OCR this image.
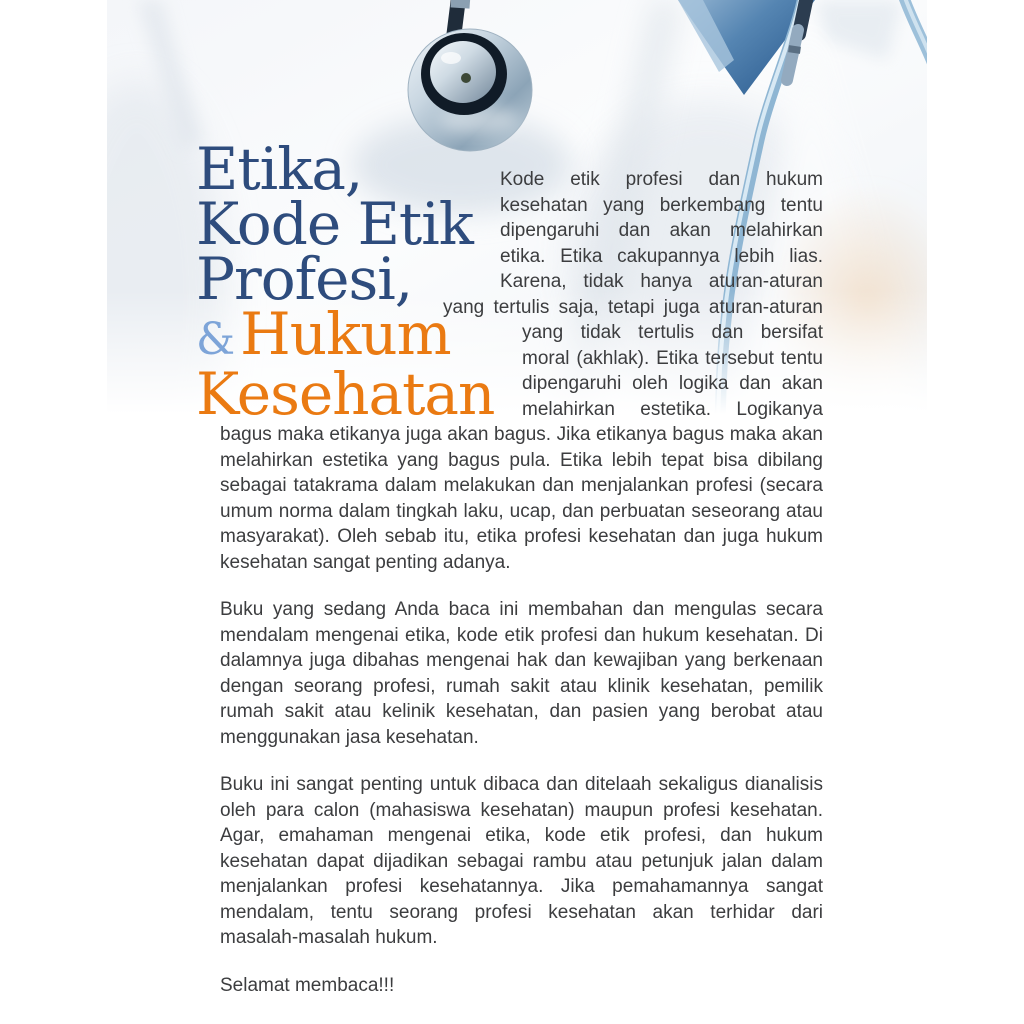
Etika,
Kode Etik
Profesi,
& Hukum
Kesehatan

Kode etik profesi dan hukum kesehatan yang berkembang tentu dipengaruhi dan akan melahirkan etika. Etika cakupannya lebih lias. Karena, tidak hanya aturan-aturan yang tertulis saja, tetapi juga aturan-aturan yang tidak tertulis dan bersifat moral (akhlak). Etika tersebut tentu dipengaruhi oleh logika dan akan melahirkan estetika. Logikanya bagus maka etikanya juga akan bagus. Jika etikanya bagus maka akan melahirkan estetika yang bagus pula. Etika lebih tepat bisa dibilang sebagai tatakrama dalam melakukan dan menjalankan profesi (secara umum norma dalam tingkah laku, ucap, dan perbuatan seseorang atau masyarakat). Oleh sebab itu, etika profesi kesehatan dan juga hukum kesehatan sangat penting adanya.

Buku yang sedang Anda baca ini membahan dan mengulas secara mendalam mengenai etika, kode etik profesi dan hukum kesehatan. Di dalamnya juga dibahas mengenai hak dan kewajiban yang berkenaan dengan seorang profesi, rumah sakit atau klinik kesehatan, pemilik rumah sakit atau kelinik kesehatan, dan pasien yang berobat atau menggunakan jasa kesehatan.

Buku ini sangat penting untuk dibaca dan ditelaah sekaligus dianalisis oleh para calon (mahasiswa kesehatan) maupun profesi kesehatan. Agar, emahaman mengenai etika, kode etik profesi, dan hukum kesehatan dapat dijadikan sebagai rambu atau petunjuk jalan dalam menjalankan profesi kesehatannya. Jika pemahamannya sangat mendalam, tentu seorang profesi kesehatan akan terhidar dari masalah-masalah hukum.

Selamat membaca!!!
